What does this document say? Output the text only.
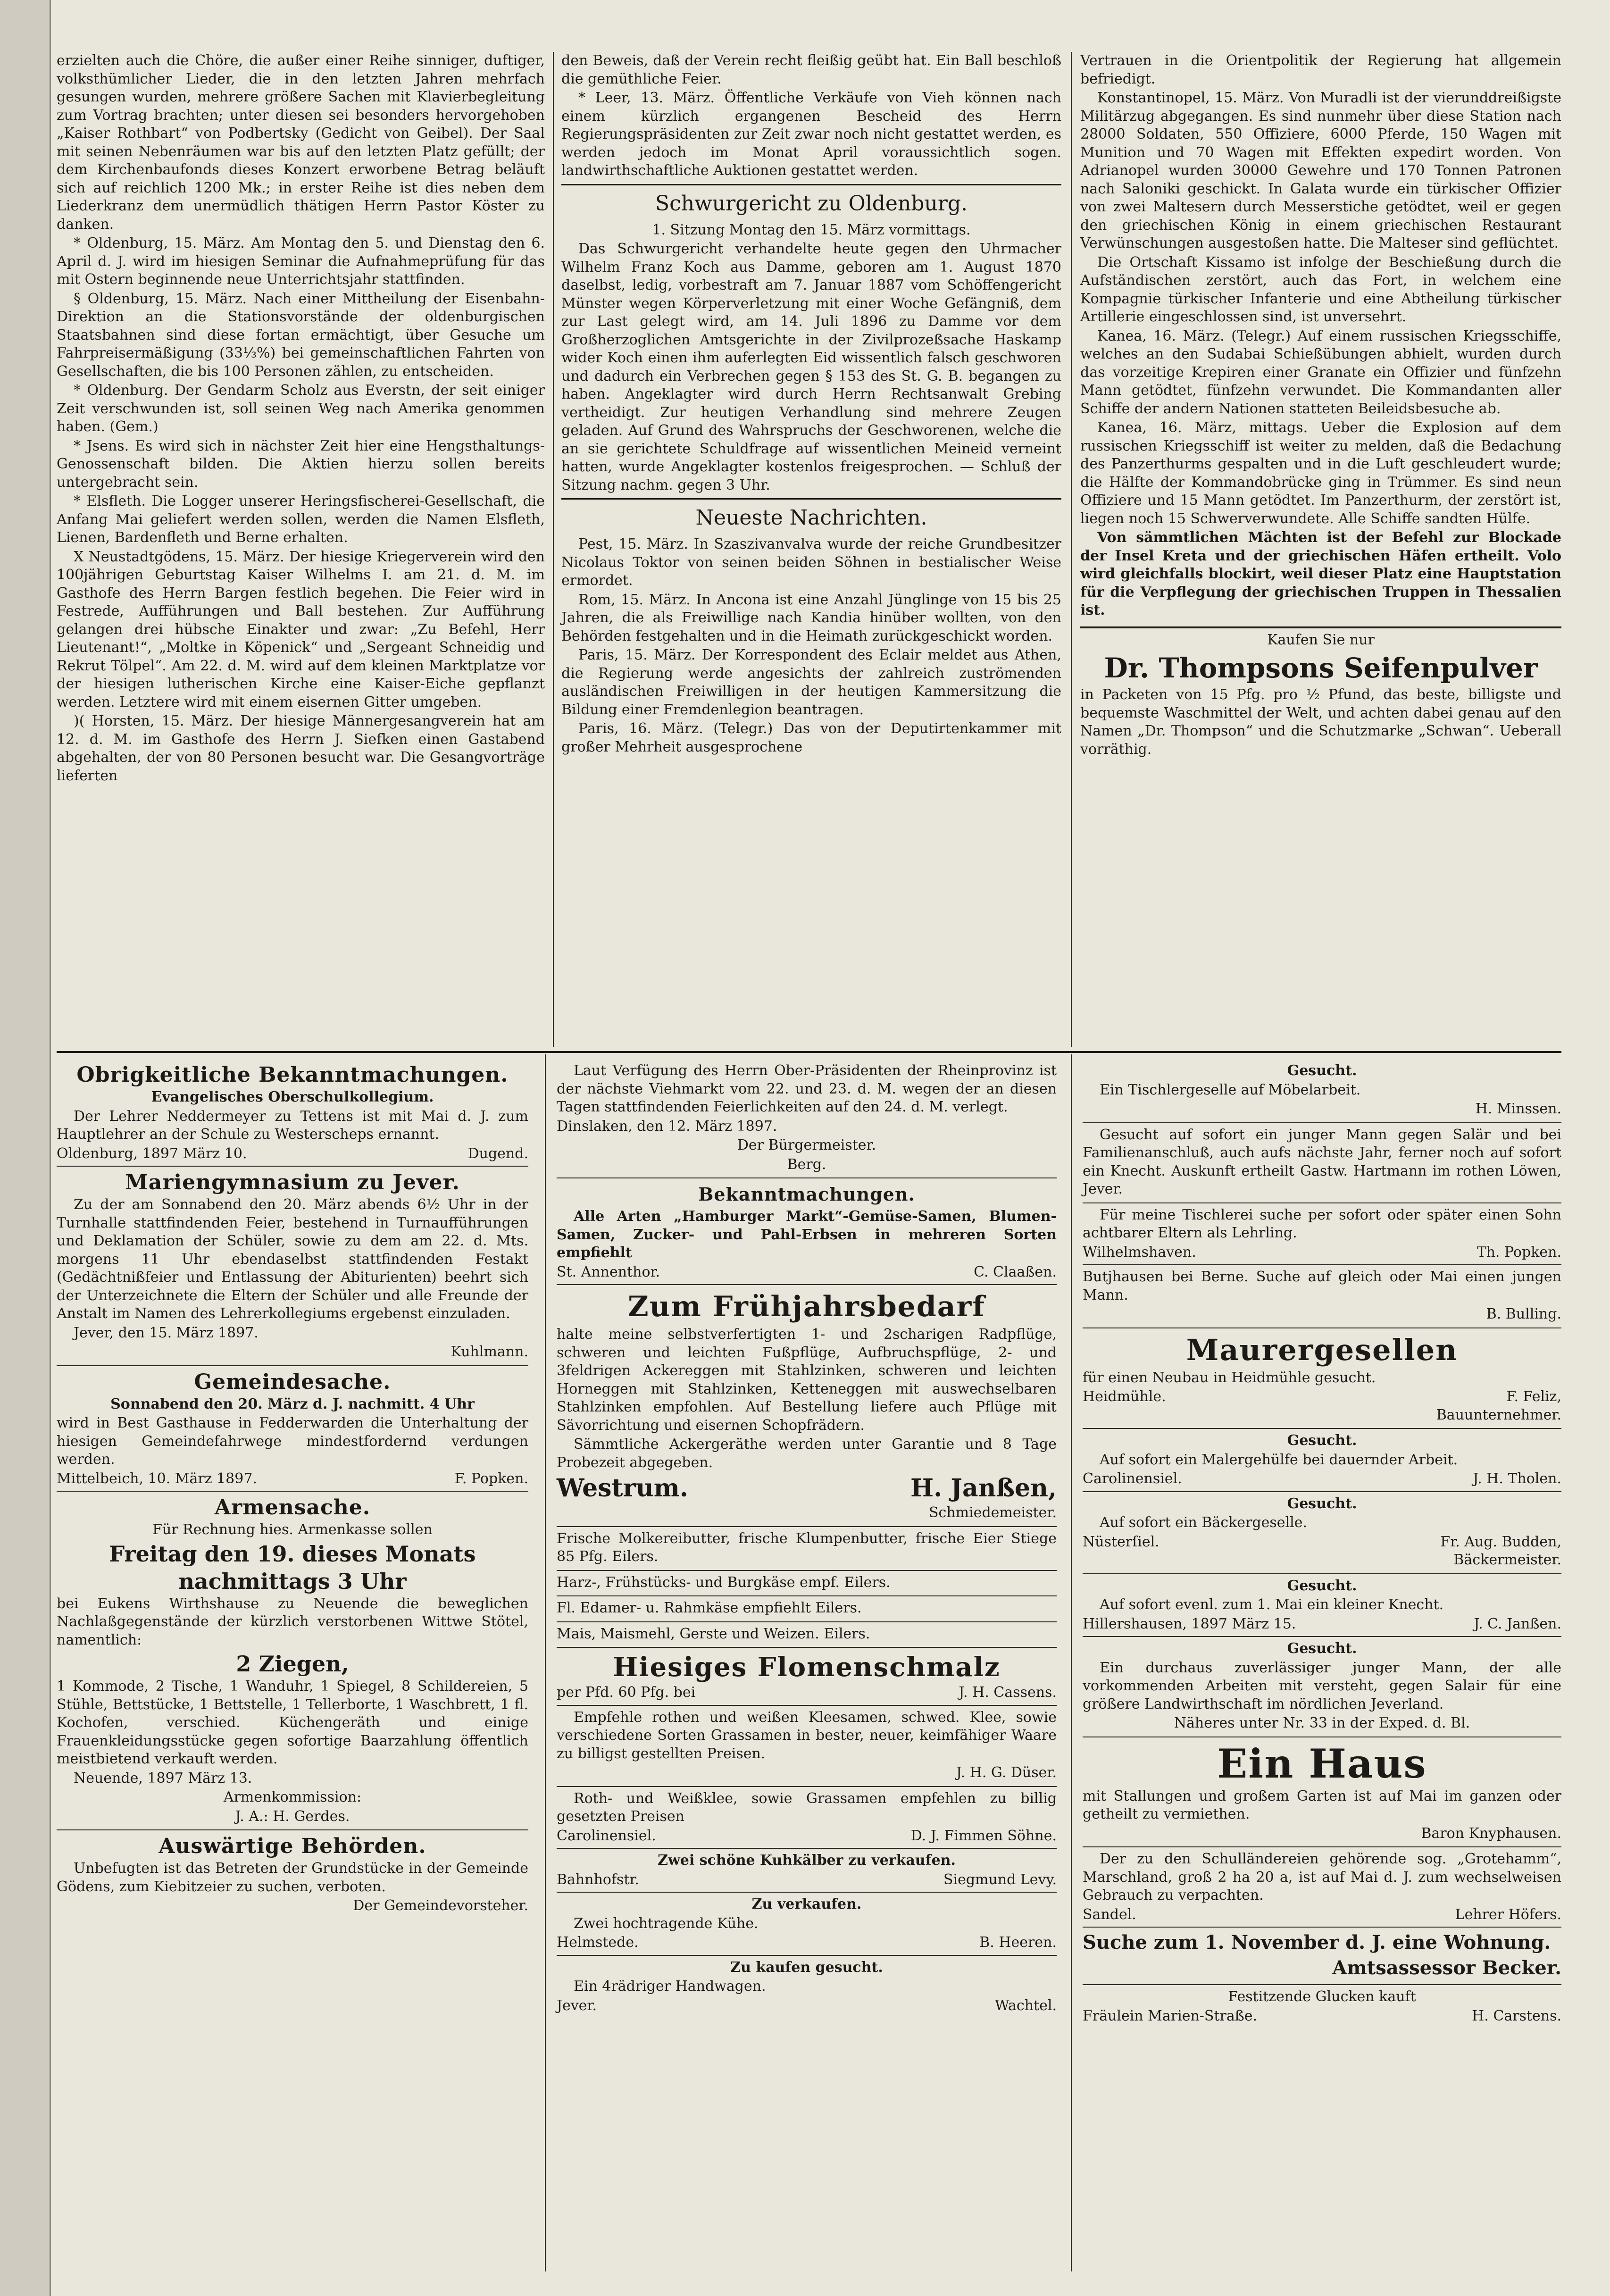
erzielten auch die Chöre, die außer einer Reihe sinniger, duftiger, volksthümlicher Lieder, die in den letzten Jahren mehrfach gesungen wurden, mehrere größere Sachen mit Klavierbegleitung zum Vortrag brachten; unter diesen sei besonders hervorgehoben „Kaiser Rothbart“ von Podbertsky (Gedicht von Geibel). Der Saal mit seinen Nebenräumen war bis auf den letzten Platz gefüllt; der dem Kirchenbaufonds dieses Konzert erworbene Betrag beläuft sich auf reichlich 1200 Mk.; in erster Reihe ist dies neben dem Liederkranz dem unermüdlich thätigen Herrn Pastor Köster zu danken.

* Oldenburg, 15. März. Am Montag den 5. und Dienstag den 6. April d. J. wird im hiesigen Seminar die Aufnahmeprüfung für das mit Ostern beginnende neue Unterrichtsjahr stattfinden.

§ Oldenburg, 15. März. Nach einer Mittheilung der Eisenbahn-Direktion an die Stationsvorstände der oldenburgischen Staatsbahnen sind diese fortan ermächtigt, über Gesuche um Fahrpreisermäßigung (33⅓%) bei gemeinschaftlichen Fahrten von Gesellschaften, die bis 100 Personen zählen, zu entscheiden.

* Oldenburg. Der Gendarm Scholz aus Everstn, der seit einiger Zeit verschwunden ist, soll seinen Weg nach Amerika genommen haben. (Gem.)

* Jsens. Es wird sich in nächster Zeit hier eine Hengsthaltungs-Genossenschaft bilden. Die Aktien hierzu sollen bereits untergebracht sein.

* Elsfleth. Die Logger unserer Heringsfischerei-Gesellschaft, die Anfang Mai geliefert werden sollen, werden die Namen Elsfleth, Lienen, Bardenfleth und Berne erhalten.

X Neustadtgödens, 15. März. Der hiesige Kriegerverein wird den 100jährigen Geburtstag Kaiser Wilhelms I. am 21. d. M. im Gasthofe des Herrn Bargen festlich begehen. Die Feier wird in Festrede, Aufführungen und Ball bestehen. Zur Aufführung gelangen drei hübsche Einakter und zwar: „Zu Befehl, Herr Lieutenant!“, „Moltke in Köpenick“ und „Sergeant Schneidig und Rekrut Tölpel“. Am 22. d. M. wird auf dem kleinen Marktplatze vor der hiesigen lutherischen Kirche eine Kaiser-Eiche gepflanzt werden. Letztere wird mit einem eisernen Gitter umgeben.

)( Horsten, 15. März. Der hiesige Männergesangverein hat am 12. d. M. im Gasthofe des Herrn J. Siefken einen Gastabend abgehalten, der von 80 Personen besucht war. Die Gesangvorträge lieferten

den Beweis, daß der Verein recht fleißig geübt hat. Ein Ball beschloß die gemüthliche Feier.

* Leer, 13. März. Öffentliche Verkäufe von Vieh können nach einem kürzlich ergangenen Bescheid des Herrn Regierungspräsidenten zur Zeit zwar noch nicht gestattet werden, es werden jedoch im Monat April voraussichtlich sogen. landwirthschaftliche Auktionen gestattet werden.

Schwurgericht zu Oldenburg.

1. Sitzung Montag den 15. März vormittags.

Das Schwurgericht verhandelte heute gegen den Uhrmacher Wilhelm Franz Koch aus Damme, geboren am 1. August 1870 daselbst, ledig, vorbestraft am 7. Januar 1887 vom Schöffengericht Münster wegen Körperverletzung mit einer Woche Gefängniß, dem zur Last gelegt wird, am 14. Juli 1896 zu Damme vor dem Großherzoglichen Amtsgerichte in der Zivilprozeßsache Haskamp wider Koch einen ihm auferlegten Eid wissentlich falsch geschworen und dadurch ein Verbrechen gegen § 153 des St. G. B. begangen zu haben. Angeklagter wird durch Herrn Rechtsanwalt Grebing vertheidigt. Zur heutigen Verhandlung sind mehrere Zeugen geladen. Auf Grund des Wahrspruchs der Geschworenen, welche die an sie gerichtete Schuldfrage auf wissentlichen Meineid verneint hatten, wurde Angeklagter kostenlos freigesprochen. — Schluß der Sitzung nachm. gegen 3 Uhr.

Neueste Nachrichten.

Pest, 15. März. In Szaszivanvalva wurde der reiche Grundbesitzer Nicolaus Toktor von seinen beiden Söhnen in bestialischer Weise ermordet.

Rom, 15. März. In Ancona ist eine Anzahl Jünglinge von 15 bis 25 Jahren, die als Freiwillige nach Kandia hinüber wollten, von den Behörden festgehalten und in die Heimath zurückgeschickt worden.

Paris, 15. März. Der Korrespondent des Eclair meldet aus Athen, die Regierung werde angesichts der zahlreich zuströmenden ausländischen Freiwilligen in der heutigen Kammersitzung die Bildung einer Fremdenlegion beantragen.

Paris, 16. März. (Telegr.) Das von der Deputirtenkammer mit großer Mehrheit ausgesprochene

Vertrauen in die Orientpolitik der Regierung hat allgemein befriedigt.

Konstantinopel, 15. März. Von Muradli ist der vierunddreißigste Militärzug abgegangen. Es sind nunmehr über diese Station nach 28000 Soldaten, 550 Offiziere, 6000 Pferde, 150 Wagen mit Munition und 70 Wagen mit Effekten expedirt worden. Von Adrianopel wurden 30000 Gewehre und 170 Tonnen Patronen nach Saloniki geschickt. In Galata wurde ein türkischer Offizier von zwei Maltesern durch Messerstiche getödtet, weil er gegen den griechischen König in einem griechischen Restaurant Verwünschungen ausgestoßen hatte. Die Malteser sind geflüchtet.

Die Ortschaft Kissamo ist infolge der Beschießung durch die Aufständischen zerstört, auch das Fort, in welchem eine Kompagnie türkischer Infanterie und eine Abtheilung türkischer Artillerie eingeschlossen sind, ist unversehrt.

Kanea, 16. März. (Telegr.) Auf einem russischen Kriegsschiffe, welches an den Sudabai Schießübungen abhielt, wurden durch das vorzeitige Krepiren einer Granate ein Offizier und fünfzehn Mann getödtet, fünfzehn verwundet. Die Kommandanten aller Schiffe der andern Nationen statteten Beileidsbesuche ab.

Kanea, 16. März, mittags. Ueber die Explosion auf dem russischen Kriegsschiff ist weiter zu melden, daß die Bedachung des Panzerthurms gespalten und in die Luft geschleudert wurde; die Hälfte der Kommandobrücke ging in Trümmer. Es sind neun Offiziere und 15 Mann getödtet. Im Panzerthurm, der zerstört ist, liegen noch 15 Schwerverwundete. Alle Schiffe sandten Hülfe.

Von sämmtlichen Mächten ist der Befehl zur Blockade der Insel Kreta und der griechischen Häfen ertheilt. Volo wird gleichfalls blockirt, weil dieser Platz eine Hauptstation für die Verpflegung der griechischen Truppen in Thessalien ist.

Kaufen Sie nur

Dr. Thompsons Seifenpulver

in Packeten von 15 Pfg. pro ½ Pfund, das beste, billigste und bequemste Waschmittel der Welt, und achten dabei genau auf den Namen „Dr. Thompson“ und die Schutzmarke „Schwan“. Ueberall vorräthig.

Obrigkeitliche Bekanntmachungen.

Evangelisches Oberschulkollegium.

Der Lehrer Neddermeyer zu Tettens ist mit Mai d. J. zum Hauptlehrer an der Schule zu Westerscheps ernannt.

Oldenburg, 1897 März 10.	Dugend.
Mariengymnasium zu Jever.

Zu der am Sonnabend den 20. März abends 6½ Uhr in der Turnhalle stattfindenden Feier, bestehend in Turnaufführungen und Deklamation der Schüler, sowie zu dem am 22. d. Mts. morgens 11 Uhr ebendaselbst stattfindenden Festakt (Gedächtnißfeier und Entlassung der Abiturienten) beehrt sich der Unterzeichnete die Eltern der Schüler und alle Freunde der Anstalt im Namen des Lehrerkollegiums ergebenst einzuladen.

Jever, den 15. März 1897.

Kuhlmann.

Gemeindesache.

Sonnabend den 20. März d. J. nachmitt. 4 Uhr

wird in Best Gasthause in Fedderwarden die Unterhaltung der hiesigen Gemeindefahrwege mindestfordernd verdungen werden.

Mittelbeich, 10. März 1897.	F. Popken.
Armensache.

Für Rechnung hies. Armenkasse sollen

Freitag den 19. dieses Monats nachmittags 3 Uhr

bei Eukens Wirthshause zu Neuende die beweglichen Nachlaßgegenstände der kürzlich verstorbenen Wittwe Stötel, namentlich:

2 Ziegen,

1 Kommode, 2 Tische, 1 Wanduhr, 1 Spiegel, 8 Schildereien, 5 Stühle, Bettstücke, 1 Bettstelle, 1 Tellerborte, 1 Waschbrett, 1 fl. Kochofen, verschied. Küchengeräth und einige Frauenkleidungsstücke gegen sofortige Baarzahlung öffentlich meistbietend verkauft werden.

Neuende, 1897 März 13.

Armenkommission:

J. A.: H. Gerdes.

Auswärtige Behörden.

Unbefugten ist das Betreten der Grundstücke in der Gemeinde Gödens, zum Kiebitzeier zu suchen, verboten.

Der Gemeindevorsteher.

Laut Verfügung des Herrn Ober-Präsidenten der Rheinprovinz ist der nächste Viehmarkt vom 22. und 23. d. M. wegen der an diesen Tagen stattfindenden Feierlichkeiten auf den 24. d. M. verlegt.

Dinslaken, den 12. März 1897.

Der Bürgermeister.

Berg.

Bekanntmachungen.

Alle Arten „Hamburger Markt“-Gemüse-Samen, Blumen-Samen, Zucker- und Pahl-Erbsen in mehreren Sorten empfiehlt

St. Annenthor.	C. Claaßen.
Zum Frühjahrsbedarf

halte meine selbstverfertigten 1- und 2scharigen Radpflüge, schweren und leichten Fußpflüge, Aufbruchspflüge, 2- und 3feldrigen Ackereggen mit Stahlzinken, schweren und leichten Horneggen mit Stahlzinken, Ketteneggen mit auswechselbaren Stahlzinken empfohlen. Auf Bestellung liefere auch Pflüge mit Sävorrichtung und eisernen Schopfrädern.

Sämmtliche Ackergeräthe werden unter Garantie und 8 Tage Probezeit abgegeben.

Westrum.	H. Janßen,

Schmiedemeister.

Frische Molkereibutter, frische Klumpenbutter, frische Eier Stiege 85 Pfg. Eilers.

Harz-, Frühstücks- und Burgkäse empf. Eilers.

Fl. Edamer- u. Rahmkäse empfiehlt Eilers.

Mais, Maismehl, Gerste und Weizen. Eilers.

Hiesiges Flomenschmalz
per Pfd. 60 Pfg. bei	J. H. Cassens.

Empfehle rothen und weißen Kleesamen, schwed. Klee, sowie verschiedene Sorten Grassamen in bester, neuer, keimfähiger Waare zu billigst gestellten Preisen.

J. H. G. Düser.

Roth- und Weißklee, sowie Grassamen empfehlen zu billig gesetzten Preisen

Carolinensiel.	D. J. Fimmen Söhne.

Zwei schöne Kuhkälber zu verkaufen.

Bahnhofstr.	Siegmund Levy.

Zu verkaufen.

Zwei hochtragende Kühe.

Helmstede.	B. Heeren.

Zu kaufen gesucht.

Ein 4rädriger Handwagen.

Jever.	Wachtel.

Gesucht.

Ein Tischlergeselle auf Möbelarbeit.

H. Minssen.

Gesucht auf sofort ein junger Mann gegen Salär und bei Familienanschluß, auch aufs nächste Jahr, ferner noch auf sofort ein Knecht. Auskunft ertheilt Gastw. Hartmann im rothen Löwen, Jever.

Für meine Tischlerei suche per sofort oder später einen Sohn achtbarer Eltern als Lehrling.

Wilhelmshaven.	Th. Popken.

Butjhausen bei Berne. Suche auf gleich oder Mai einen jungen Mann.

B. Bulling.

Maurergesellen

für einen Neubau in Heidmühle gesucht.

Heidmühle.	F. Feliz,

Bauunternehmer.

Gesucht.

Auf sofort ein Malergehülfe bei dauernder Arbeit.

Carolinensiel.	J. H. Tholen.

Gesucht.

Auf sofort ein Bäckergeselle.

Nüsterſiel.	Fr. Aug. Budden,

Bäckermeister.

Gesucht.

Auf sofort evenl. zum 1. Mai ein kleiner Knecht.

Hillershausen, 1897 März 15.	J. C. Janßen.

Gesucht.

Ein durchaus zuverlässiger junger Mann, der alle vorkommenden Arbeiten mit versteht, gegen Salair für eine größere Landwirthschaft im nördlichen Jeverland.

Näheres unter Nr. 33 in der Exped. d. Bl.

Ein Haus

mit Stallungen und großem Garten ist auf Mai im ganzen oder getheilt zu vermiethen.

Baron Knyphausen.

Der zu den Schulländereien gehörende sog. „Grotehamm“, Marschland, groß 2 ha 20 a, ist auf Mai d. J. zum wechselweisen Gebrauch zu verpachten.

Sandel.	Lehrer Höfers.

Suche zum 1. November d. J. eine Wohnung.

Amtsassessor Becker.

Festitzende Glucken kauft

Fräulein Marien-Straße.	H. Carstens.
